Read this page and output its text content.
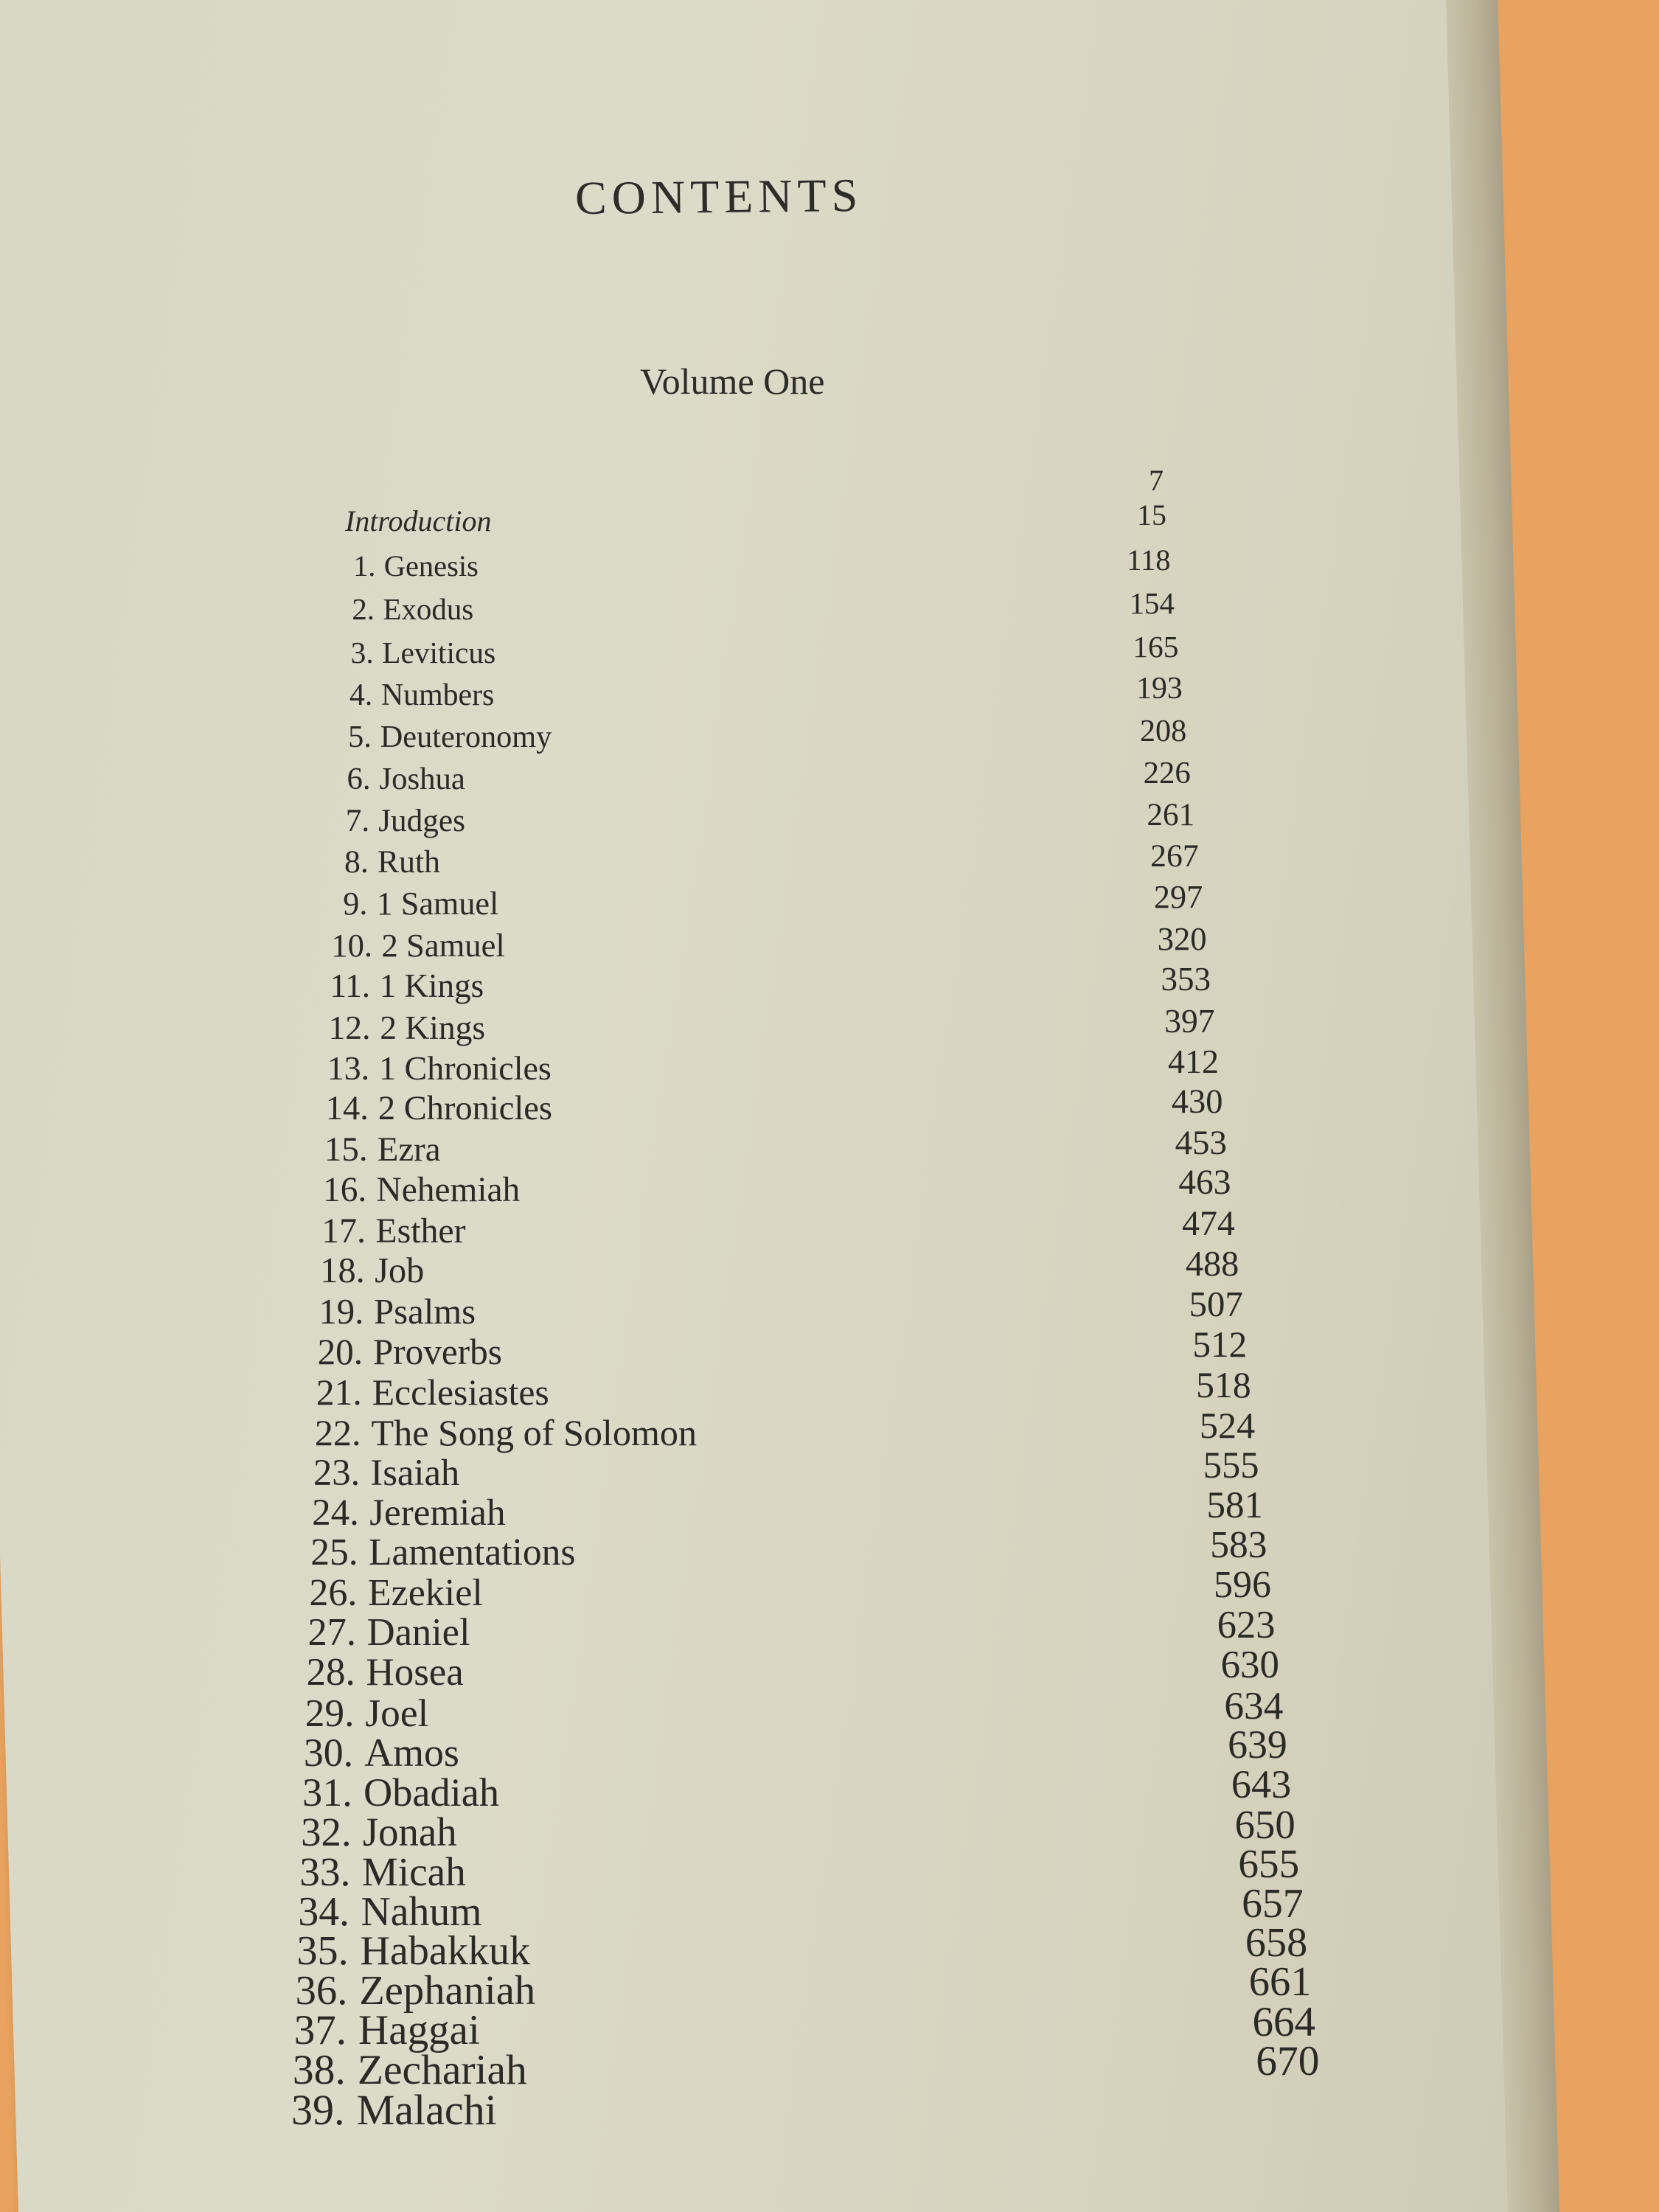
CONTENTS
Volume One
7
Introduction	15
1. Genesis	118
2. Exodus	154
3. Leviticus	165
4. Numbers	193
5. Deuteronomy	208
6. Joshua	226
7. Judges	261
8. Ruth	267
9. 1 Samuel	297
10. 2 Samuel	320
11. 1 Kings	353
12. 2 Kings	397
13. 1 Chronicles	412
14. 2 Chronicles	430
15. Ezra	453
16. Nehemiah	463
17. Esther	474
18. Job	488
19. Psalms	507
20. Proverbs	512
21. Ecclesiastes	518
22. The Song of Solomon	524
23. Isaiah	555
24. Jeremiah	581
25. Lamentations	583
26. Ezekiel	596
27. Daniel	623
28. Hosea	630
29. Joel	634
30. Amos	639
31. Obadiah	643
32. Jonah	650
33. Micah	655
34. Nahum	657
35. Habakkuk	658
36. Zephaniah	661
37. Haggai	664
38. Zechariah	670
39. Malachi
